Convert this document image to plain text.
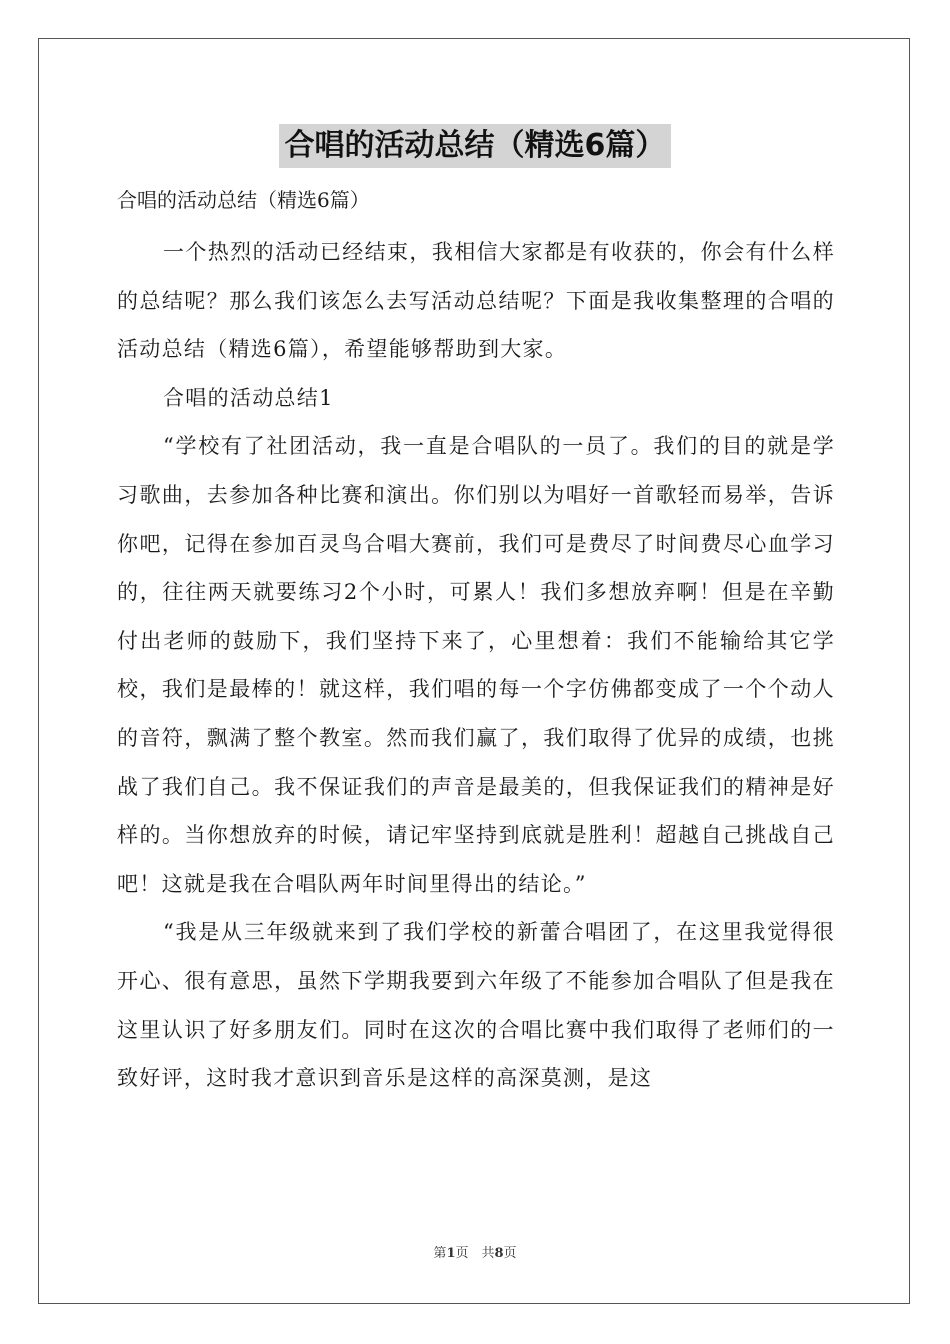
合唱的活动总结（精选6篇）
合唱的活动总结（精选6篇）

一个热烈的活动已经结束，我相信大家都是有收获的，你会有什么样的总结呢？那么我们该怎么去写活动总结呢？下面是我收集整理的合唱的活动总结（精选6篇），希望能够帮助到大家。

合唱的活动总结1

“学校有了社团活动，我一直是合唱队的一员了。我们的目的就是学习歌曲，去参加各种比赛和演出。你们别以为唱好一首歌轻而易举，告诉你吧，记得在参加百灵鸟合唱大赛前，我们可是费尽了时间费尽心血学习的，往往两天就要练习2个小时，可累人！我们多想放弃啊！但是在辛勤付出老师的鼓励下，我们坚持下来了，心里想着：我们不能输给其它学校，我们是最棒的！就这样，我们唱的每一个字仿佛都变成了一个个动人的音符，飘满了整个教室。然而我们赢了，我们取得了优异的成绩，也挑战了我们自己。我不保证我们的声音是最美的，但我保证我们的精神是好样的。当你想放弃的时候，请记牢坚持到底就是胜利！超越自己挑战自己吧！这就是我在合唱队两年时间里得出的结论。”

“我是从三年级就来到了我们学校的新蕾合唱团了，在这里我觉得很开心、很有意思，虽然下学期我要到六年级了不能参加合唱队了但是我在这里认识了好多朋友们。同时在这次的合唱比赛中我们取得了老师们的一致好评，这时我才意识到音乐是这样的高深莫测，是这

第1页　共8页
